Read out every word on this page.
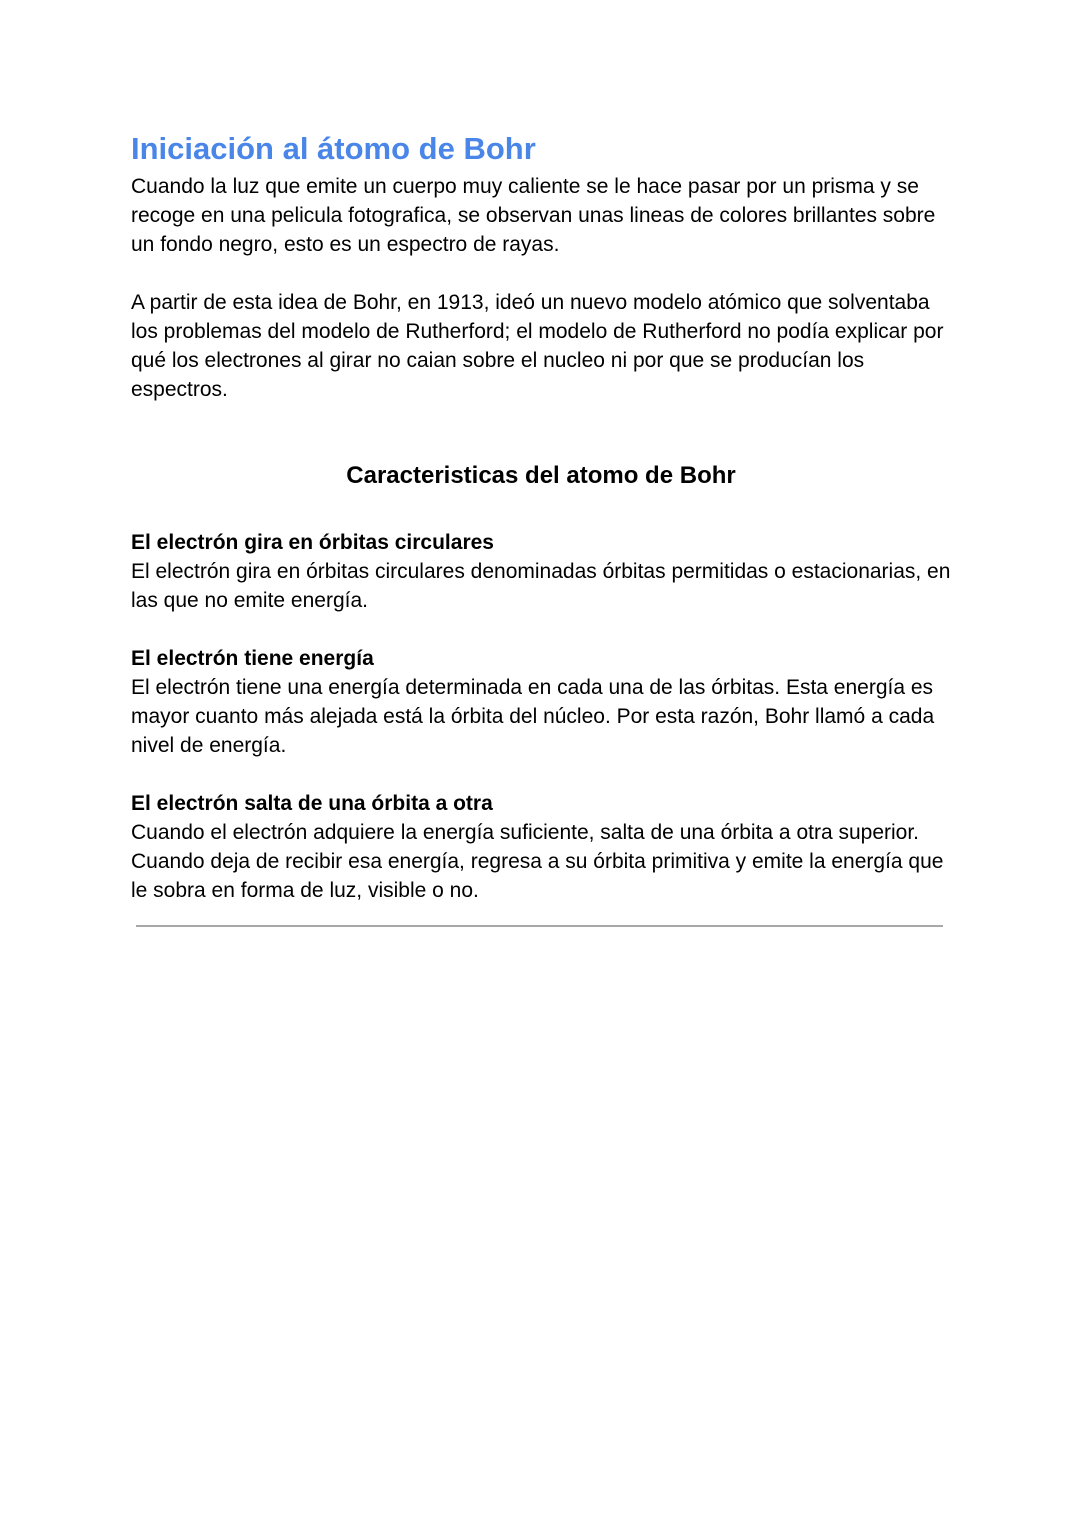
Iniciación al átomo de Bohr

Cuando la luz que emite un cuerpo muy caliente se le hace pasar por un prisma y se recoge en una pelicula fotografica, se observan unas lineas de colores brillantes sobre un fondo negro, esto es un espectro de rayas.

A partir de esta idea de Bohr, en 1913, ideó un nuevo modelo atómico que solventaba los problemas del modelo de Rutherford; el modelo de Rutherford no podía explicar por qué los electrones al girar no caian sobre el nucleo ni por que se producían los espectros.

Caracteristicas del atomo de Bohr

El electrón gira en órbitas circulares

El electrón gira en órbitas circulares denominadas órbitas permitidas o estacionarias, en las que no emite energía.

El electrón tiene energía

El electrón tiene una energía determinada en cada una de las órbitas. Esta energía es mayor cuanto más alejada está la órbita del núcleo. Por esta razón, Bohr llamó a cada nivel de energía.

El electrón salta de una órbita a otra

Cuando el electrón adquiere la energía suficiente, salta de una órbita a otra superior. Cuando deja de recibir esa energía, regresa a su órbita primitiva y emite la energía que le sobra en forma de luz, visible o no.
